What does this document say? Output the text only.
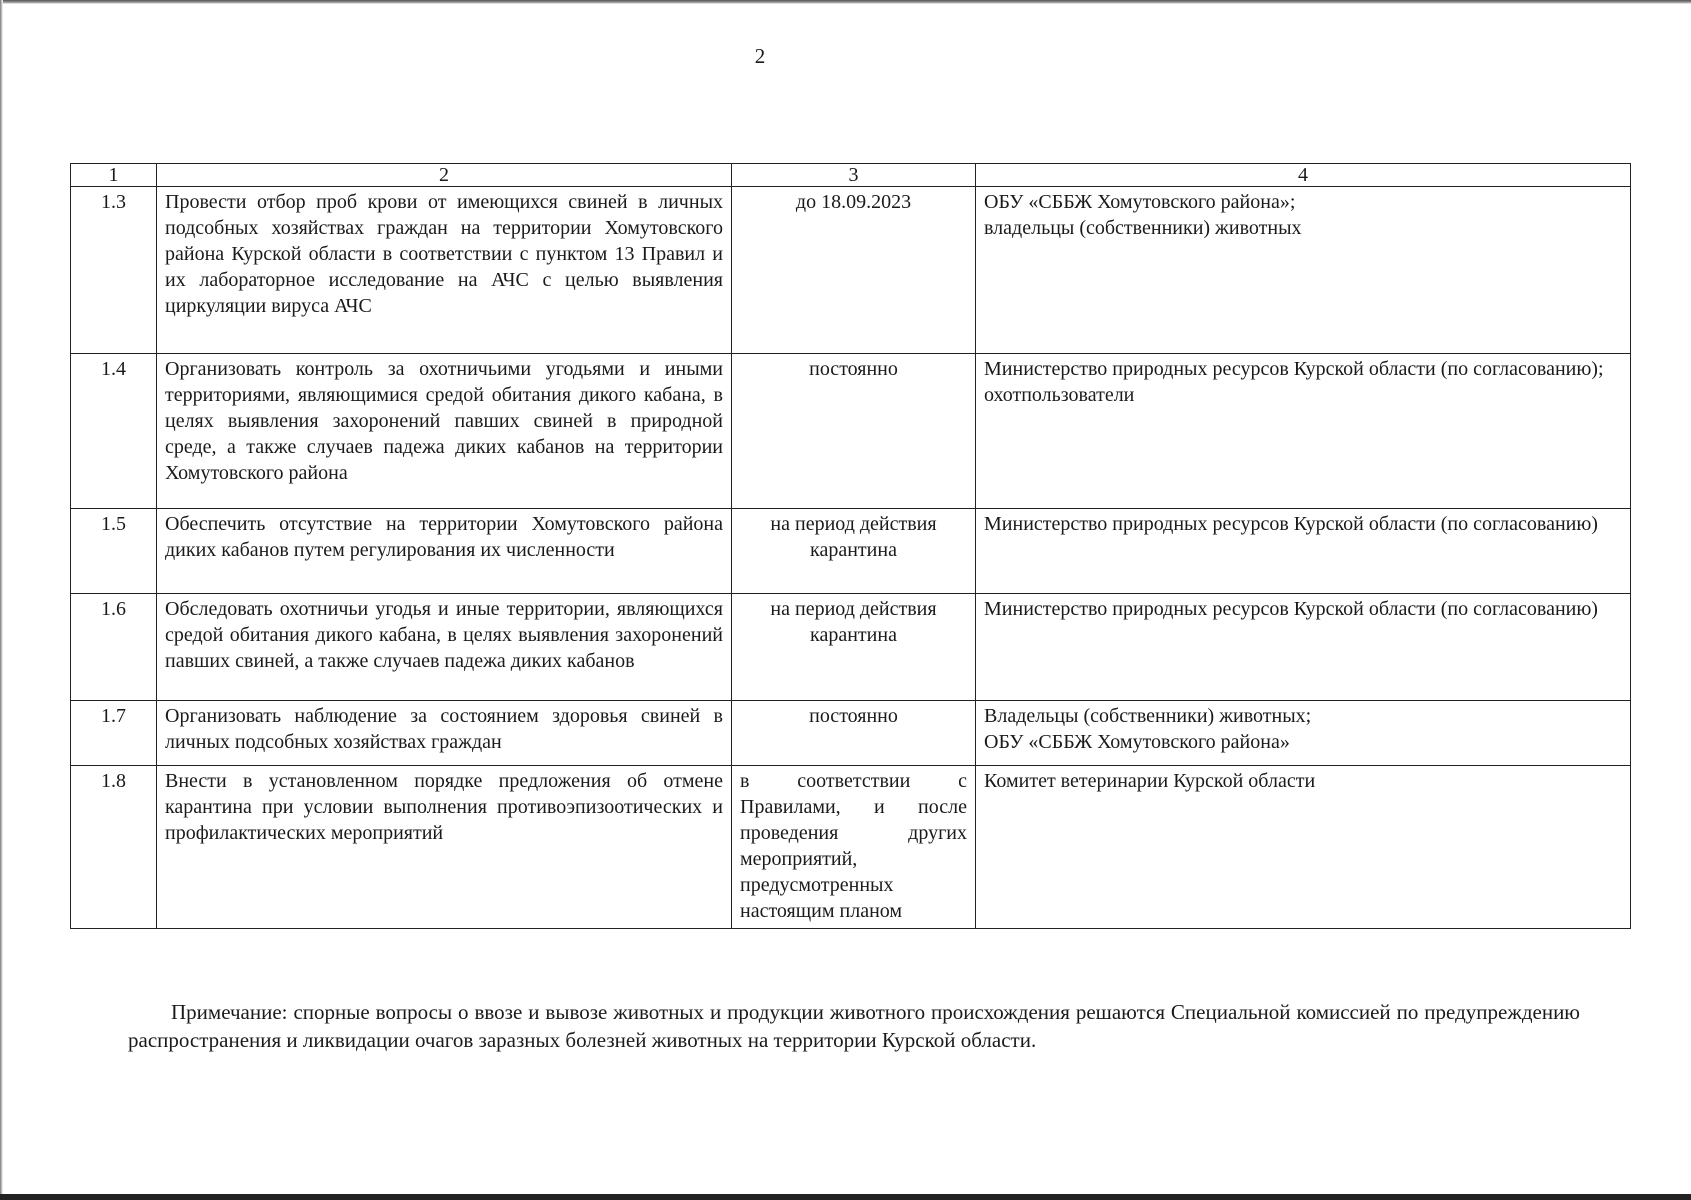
2
1	2	3	4
1.3	Провести отбор проб крови от имеющихся свиней в личных подсобных хозяйствах граждан на территории Хомутовского района Курской области в соответствии с пунктом 13 Правил и их лабораторное исследование на АЧС с целью выявления циркуляции вируса АЧС	до 18.09.2023	ОБУ «СББЖ Хомутовского района»;
владельцы (собственники) животных
1.4	Организовать контроль за охотничьими угодьями и иными территориями, являющимися средой обитания дикого кабана, в целях выявления захоронений павших свиней в природной среде, а также случаев падежа диких кабанов на территории Хомутовского района	постоянно	Министерство природных ресурсов Курской области (по согласованию);
охотпользователи
1.5	Обеспечить отсутствие на территории Хомутовского района диких кабанов путем регулирования их численности	на период действия карантина	Министерство природных ресурсов Курской области (по согласованию)
1.6	Обследовать охотничьи угодья и иные территории, являющихся средой обитания дикого кабана, в целях выявления захоронений павших свиней, а также случаев падежа диких кабанов	на период действия карантина	Министерство природных ресурсов Курской области (по согласованию)
1.7	Организовать наблюдение за состоянием здоровья свиней в личных подсобных хозяйствах граждан	постоянно	Владельцы (собственники) животных;
ОБУ «СББЖ Хомутовского района»
1.8	Внести в установленном порядке предложения об отмене карантина при условии выполнения противоэпизоотических и профилактических мероприятий	в соответствии с Правилами, и после проведения других мероприятий, предусмотренных настоящим планом	Комитет ветеринарии Курской области

Примечание: спорные вопросы о ввозе и вывозе животных и продукции животного происхождения решаются Специальной комиссией по предупреждению распространения и ликвидации очагов заразных болезней животных на территории Курской области.
